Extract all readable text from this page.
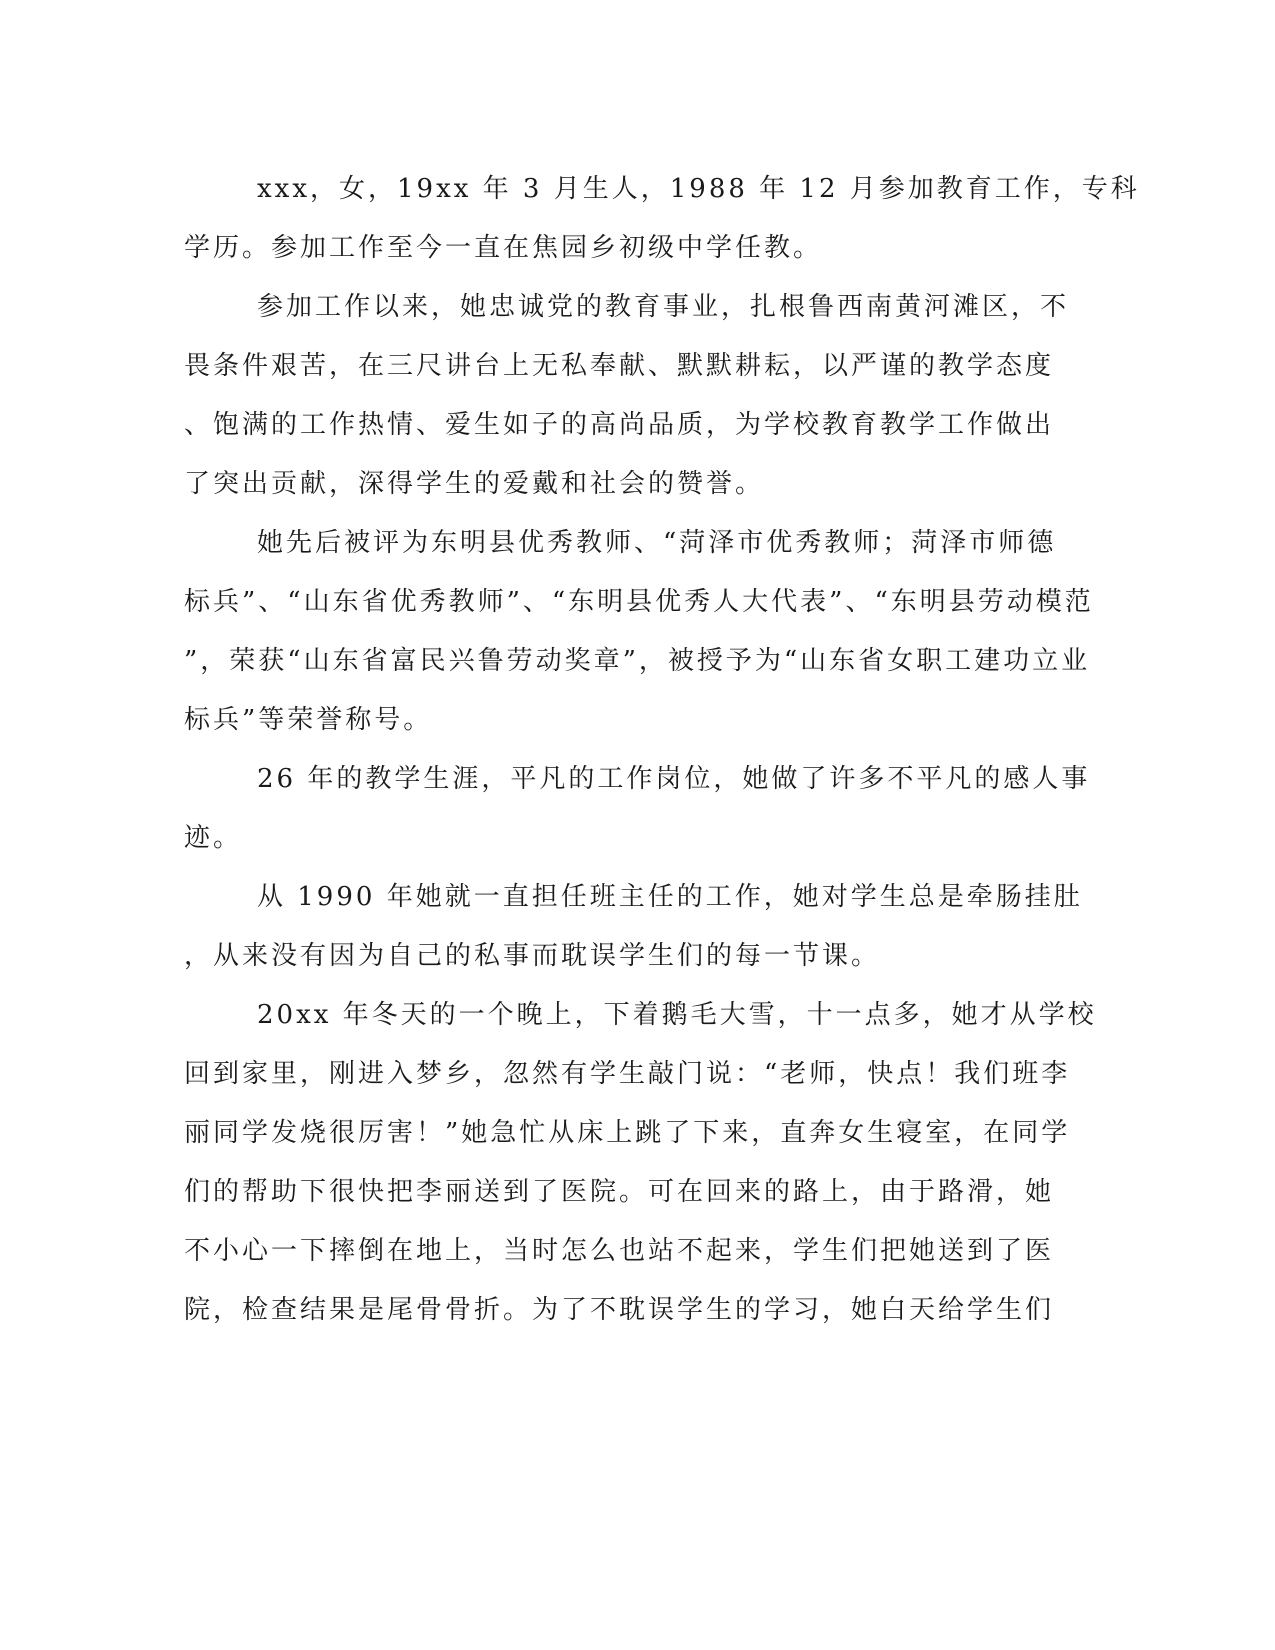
xxx，女，19xx 年 3 月生人，1988 年 12 月参加教育工作，专科
学历。参加工作至今一直在焦园乡初级中学任教。
参加工作以来，她忠诚党的教育事业，扎根鲁西南黄河滩区，不
畏条件艰苦，在三尺讲台上无私奉献、默默耕耘，以严谨的教学态度
、饱满的工作热情、爱生如子的高尚品质，为学校教育教学工作做出
了突出贡献，深得学生的爱戴和社会的赞誉。
她先后被评为东明县优秀教师、“菏泽市优秀教师；菏泽市师德
标兵”、“山东省优秀教师”、“东明县优秀人大代表”、“东明县劳动模范
”，荣获“山东省富民兴鲁劳动奖章”，被授予为“山东省女职工建功立业
标兵”等荣誉称号。
26 年的教学生涯，平凡的工作岗位，她做了许多不平凡的感人事
迹。
从 1990 年她就一直担任班主任的工作，她对学生总是牵肠挂肚
，从来没有因为自己的私事而耽误学生们的每一节课。
20xx 年冬天的一个晚上，下着鹅毛大雪，十一点多，她才从学校
回到家里，刚进入梦乡，忽然有学生敲门说：“老师，快点！我们班李
丽同学发烧很厉害！”她急忙从床上跳了下来，直奔女生寝室，在同学
们的帮助下很快把李丽送到了医院。可在回来的路上，由于路滑，她
不小心一下摔倒在地上，当时怎么也站不起来，学生们把她送到了医
院，检查结果是尾骨骨折。为了不耽误学生的学习，她白天给学生们
